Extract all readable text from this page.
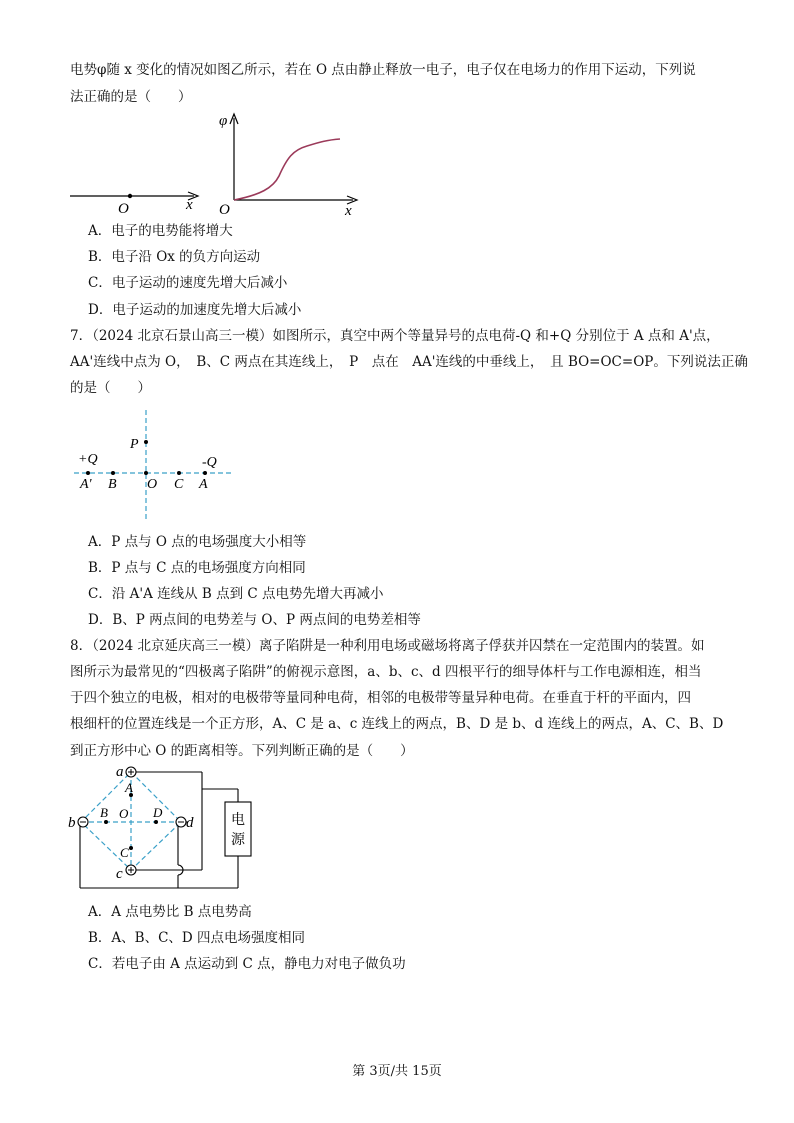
电势φ随 x 变化的情况如图乙所示，若在 O 点由静止释放一电子，电子仅在电场力的作用下运动，下列说
法正确的是（　　）
O	x
φ
O	x
A．电子的电势能将增大
B．电子沿 Ox 的负方向运动
C．电子运动的速度先增大后减小
D．电子运动的加速度先增大后减小
7．（2024 北京石景山高三一模）如图所示，真空中两个等量异号的点电荷-Q 和+Q 分别位于 A 点和 A'点，
AA'连线中点为 O，　B、C 两点在其连线上，　P　点在　AA'连线的中垂线上，　且 BO=OC=OP。下列说法正确
的是（　　）
+Q	-Q
A' B O C A
P
A．P 点与 O 点的电场强度大小相等
B．P 点与 C 点的电场强度方向相同
C．沿 A'A 连线从 B 点到 C 点电势先增大再减小
D．B、P 两点间的电势差与 O、P 两点间的电势差相等
8．（2024 北京延庆高三一模）离子陷阱是一种利用电场或磁场将离子俘获并囚禁在一定范围内的装置。如
图所示为最常见的“四极离子陷阱”的俯视示意图，a、b、c、d 四根平行的细导体杆与工作电源相连，相当
于四个独立的电极，相对的电极带等量同种电荷，相邻的电极带等量异种电荷。在垂直于杆的平面内，四
根细杆的位置连线是一个正方形，A、C 是 a、c 连线上的两点，B、D 是 b、d 连线上的两点，A、C、B、D
到正方形中心 O 的距离相等。下列判断正确的是（　　）
电
源
a
b
c
d
A
B O D
C
A．A 点电势比 B 点电势高
B．A、B、C、D 四点电场强度相同
C．若电子由 A 点运动到 C 点，静电力对电子做负功
第 3页/共 15页
